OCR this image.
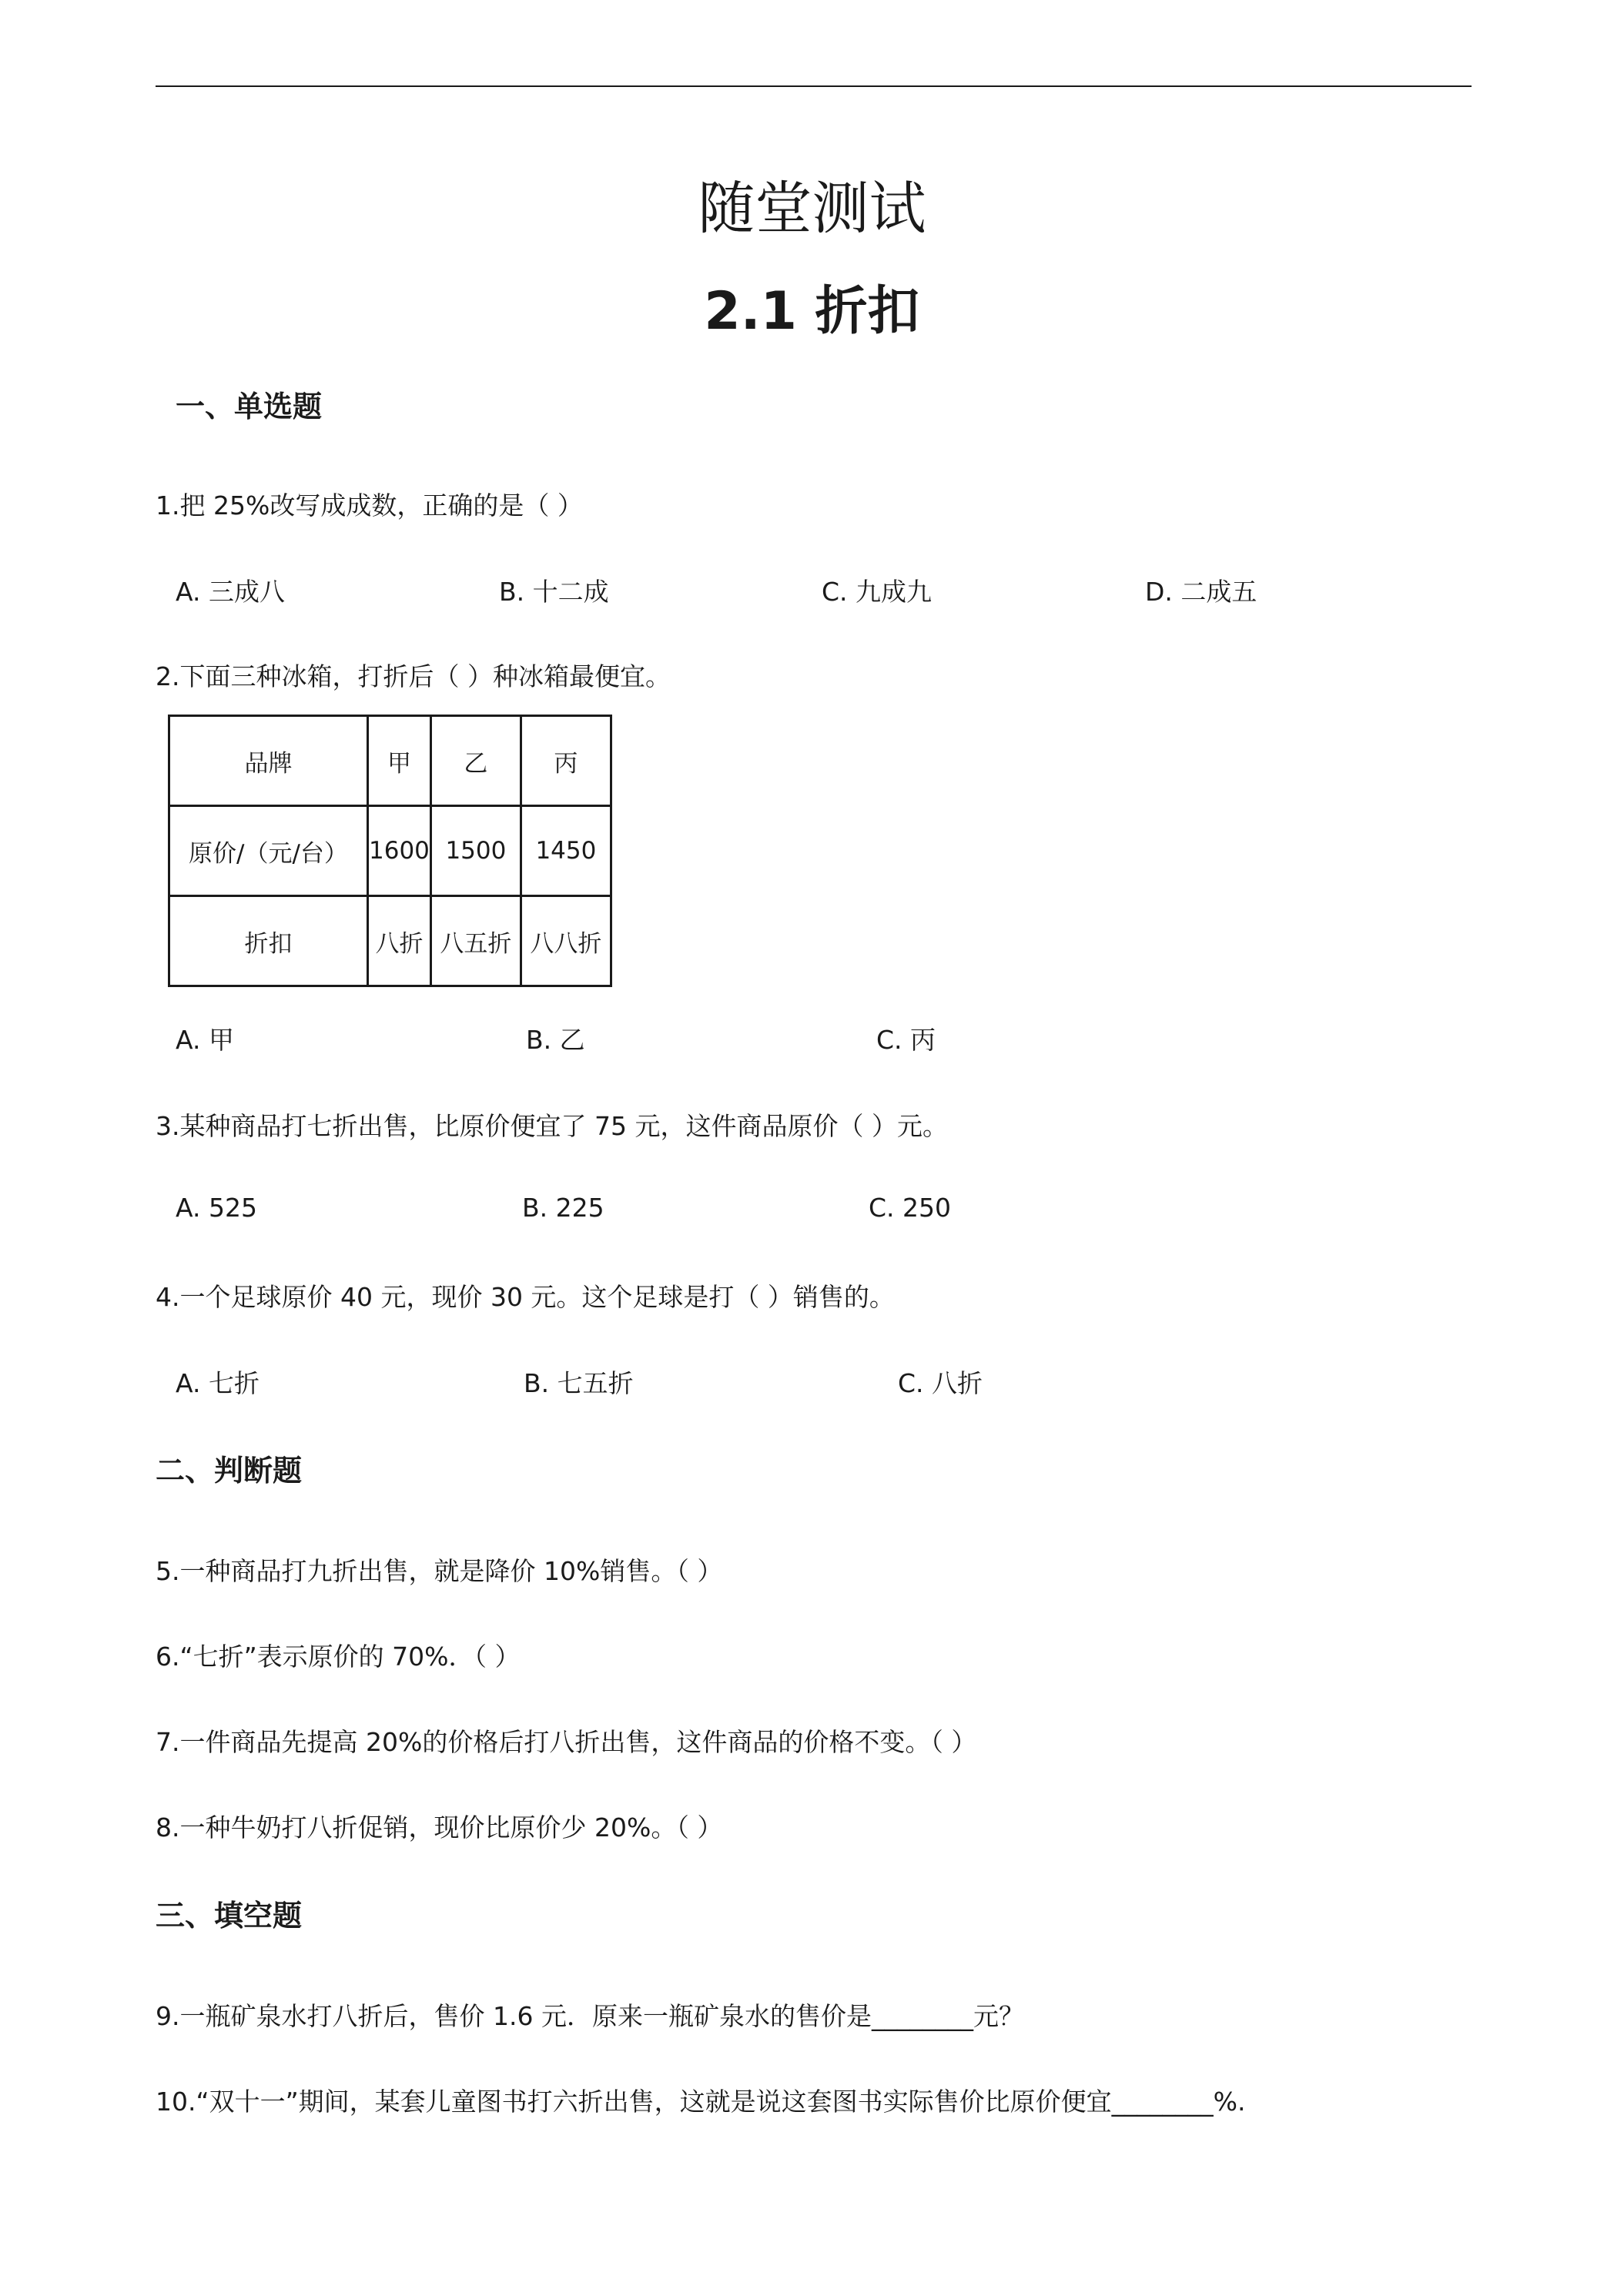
随堂测试
2.1 折扣
一、单选题
1.把 25%改写成成数，正确的是（ ）
A. 三成八	B. 十二成	C. 九成九	D. 二成五
2.下面三种冰箱，打折后（ ）种冰箱最便宜。
品牌	甲	乙	丙
原价/（元/台）	1600	1500	1450
折扣	八折	八五折	八八折
A. 甲	B. 乙	C. 丙
3.某种商品打七折出售，比原价便宜了 75 元，这件商品原价（ ）元。
A. 525	B. 225	C. 250
4.一个足球原价 40 元，现价 30 元。这个足球是打（ ）销售的。
A. 七折	B. 七五折	C. 八折
二、判断题
5.一种商品打九折出售，就是降价 10%销售。（ ）
6.“七折”表示原价的 70%．（ ）
7.一件商品先提高 20%的价格后打八折出售，这件商品的价格不变。（ ）
8.一种牛奶打八折促销，现价比原价少 20%。（ ）
三、填空题
9.一瓶矿泉水打八折后，售价 1.6 元．原来一瓶矿泉水的售价是________元？
10.“双十一”期间，某套儿童图书打六折出售，这就是说这套图书实际售价比原价便宜________%.
